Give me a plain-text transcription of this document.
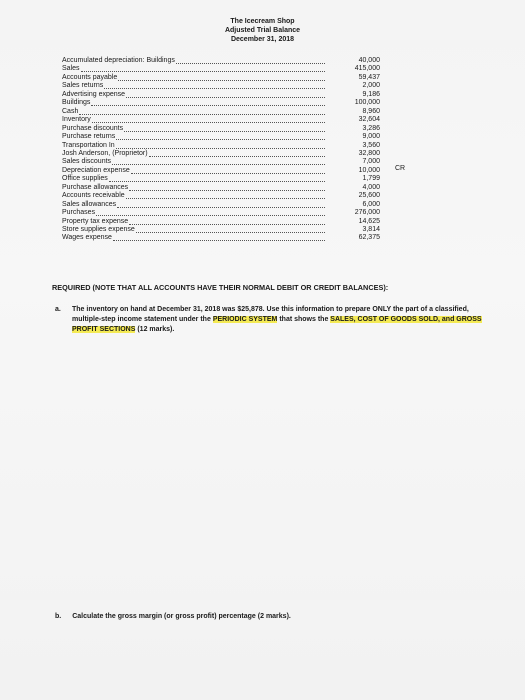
The Icecream Shop
Adjusted Trial Balance
December 31, 2018
Accumulated depreciation: Buildings	40,000
Sales	415,000
Accounts payable	59,437
Sales returns	2,000
Advertising expense	9,186
Buildings	100,000
Cash	8,960
Inventory	32,604
Purchase discounts	3,286
Purchase returns	9,000
Transportation In	3,560
Josh Anderson, (Proprietor)	32,800
Sales discounts	7,000
Depreciation expense	10,000
Office supplies	1,799
Purchase allowances	4,000
Accounts receivable	25,600
Sales allowances	6,000
Purchases	276,000
Property tax expense	14,625
Store supplies expense	3,814
Wages expense	62,375
CR
REQUIRED (NOTE THAT ALL ACCOUNTS HAVE THEIR NORMAL DEBIT OR CREDIT BALANCES):
a. The inventory on hand at December 31, 2018 was $25,878. Use this information to prepare ONLY the part of a classified, multiple-step income statement under the PERIODIC SYSTEM that shows the SALES, COST OF GOODS SOLD, and GROSS PROFIT SECTIONS (12 marks).
b. Calculate the gross margin (or gross profit) percentage (2 marks).
